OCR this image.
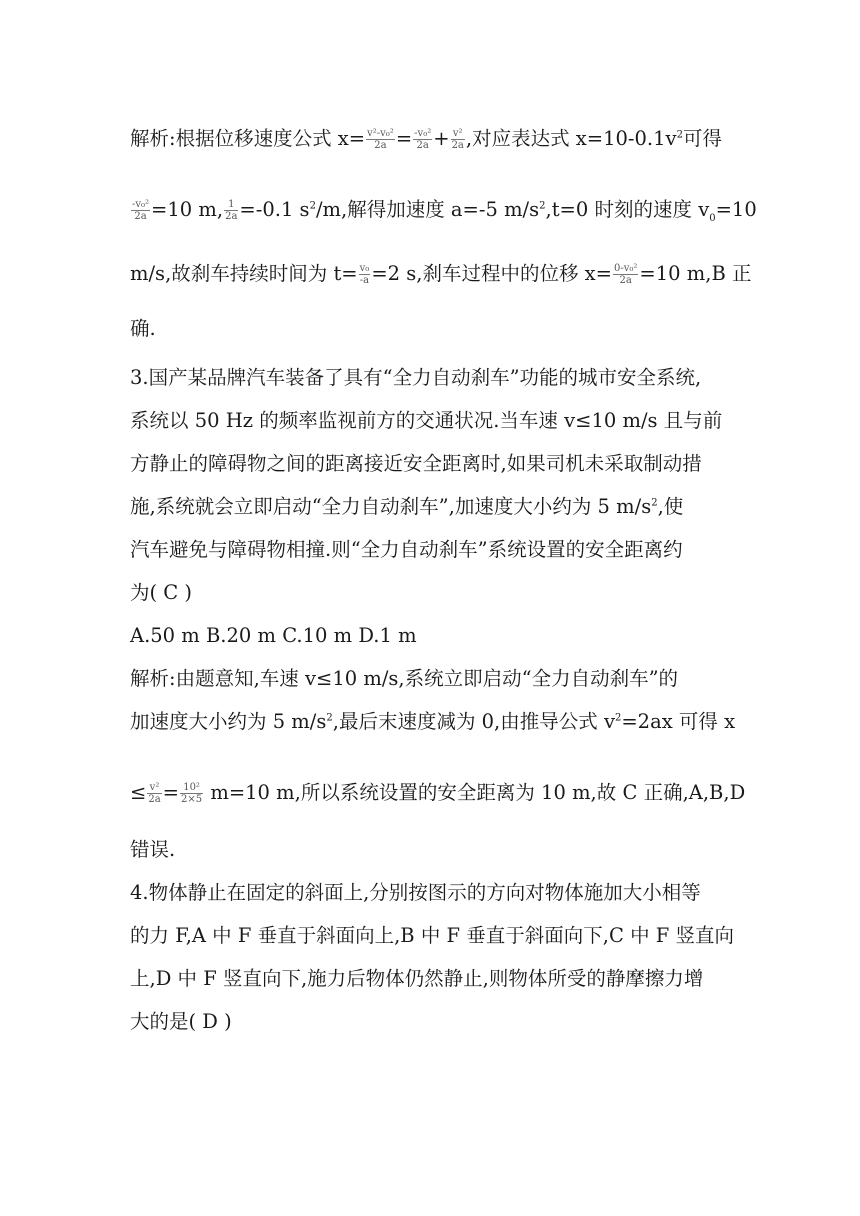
解析:根据位移速度公式 $x= \frac{\text{v²-v₀²}}{2a} = \frac{\text{-v₀²}}{2a} + \frac{\text{v²}}{2a}$ ,对应表达式 $x=10-0.1v^2$可得
$\frac{\text{-v₀²}}{2a} =10$ m, $\frac{1}{2a} =-0.1$ $s^2/m$,解得加速度 a=-5 $m/s^2,t=0$ 时刻的速度 $v_0=10$
m/s,故刹车持续时间为 $t= \frac{\text{v₀}}{-a} =2$ s,刹车过程中的位移 $x= \frac{\text{0-v₀²}}{2a} =10$ m,B 正
确.
3.国产某品牌汽车装备了具有“全力自动刹车”功能的城市安全系统,
系统以 50 Hz 的频率监视前方的交通状况.当车速 v≤10 m/s 且与前
方静止的障碍物之间的距离接近安全距离时,如果司机未采取制动措
施,系统就会立即启动“全力自动刹车”,加速度大小约为 5 $m/s^2$,使
汽车避免与障碍物相撞.则“全力自动刹车”系统设置的安全距离约
为( C )
A.50 m B.20 m C.10 m D.1 m
解析:由题意知,车速 v≤10 m/s,系统立即启动“全力自动刹车”的
加速度大小约为 5 $m/s^2$,最后末速度减为 0,由推导公式 $v^2=2ax$ 可得 x
≤ $\frac{\text{v²}}{2a} = \frac{\text{10²}}{2\times 5} m=10$ m,所以系统设置的安全距离为 10 m,故 C 正确,A,B,D
错误.
4.物体静止在固定的斜面上,分别按图示的方向对物体施加大小相等
的力 F,A 中 F 垂直于斜面向上,B 中 F 垂直于斜面向下,C 中 F 竖直向
上,D 中 F 竖直向下,施力后物体仍然静止,则物体所受的静摩擦力增
大的是( D )
